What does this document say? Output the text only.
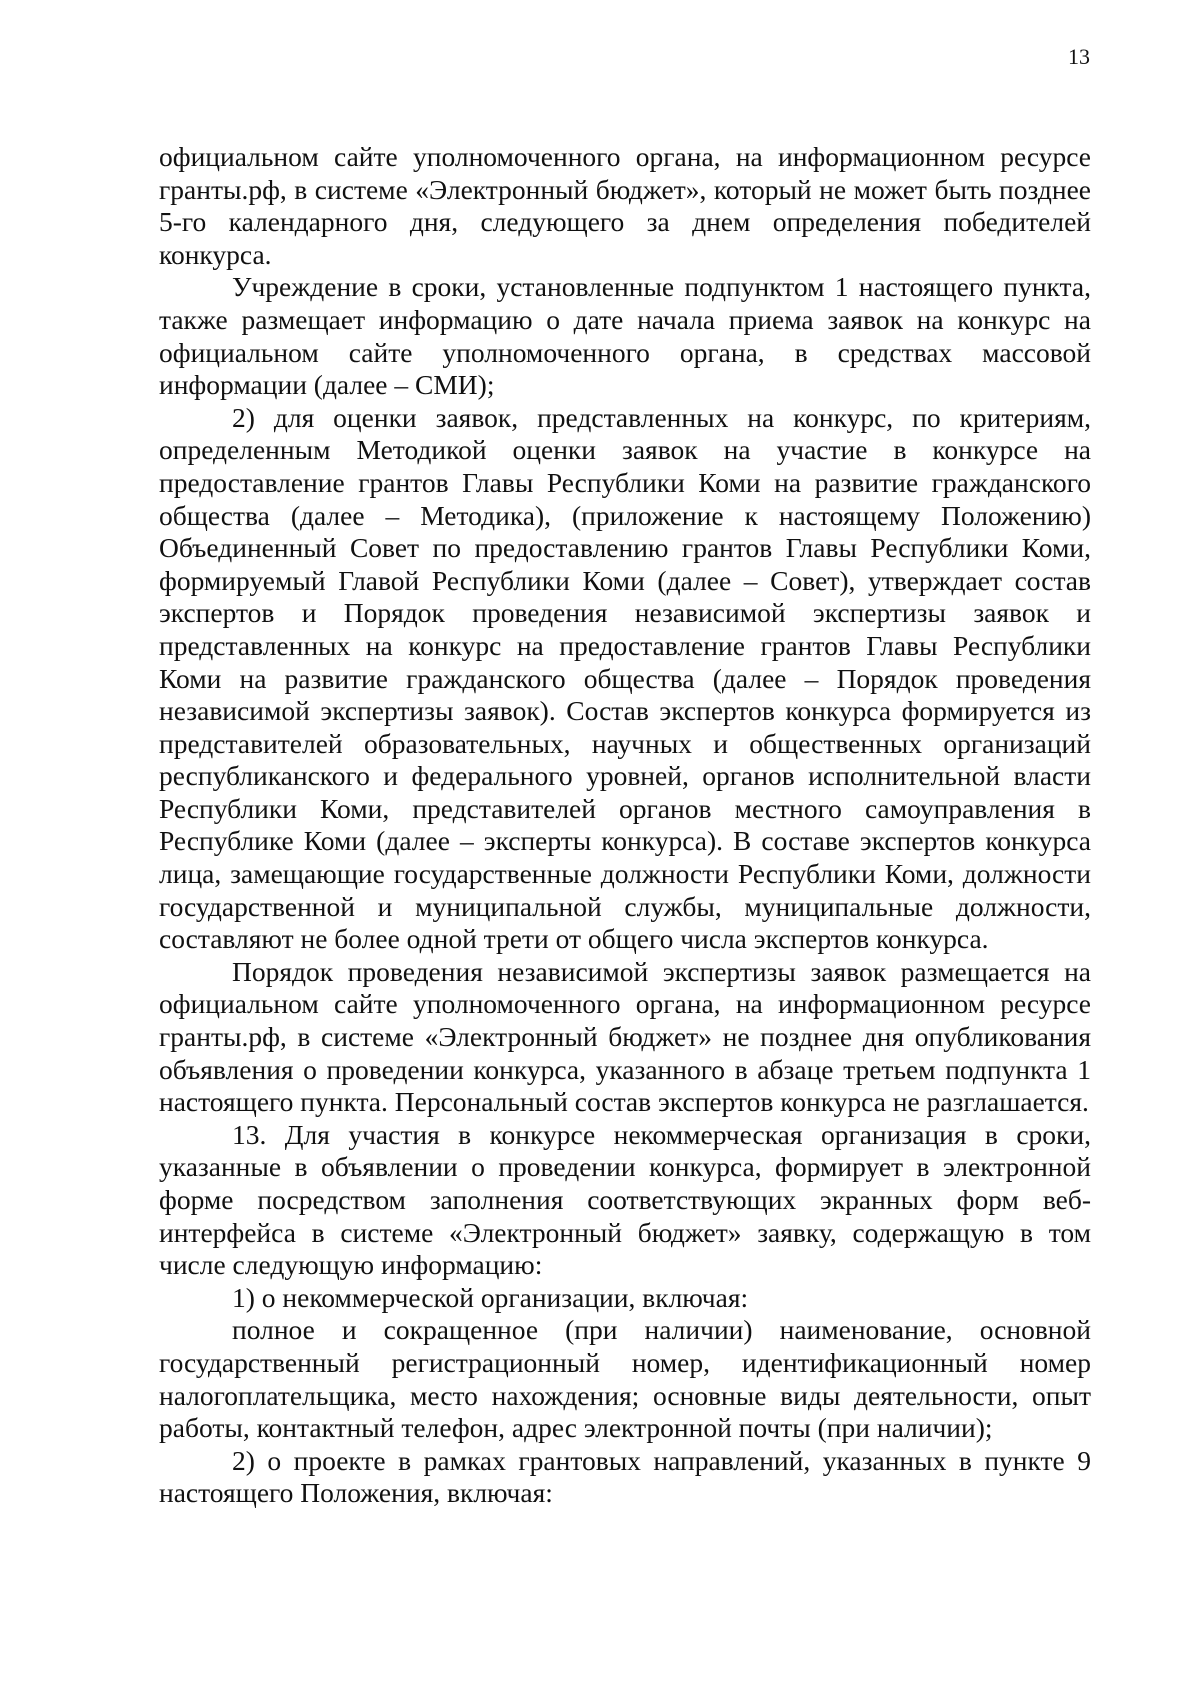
13

официальном сайте уполномоченного органа, на информационном ресурсе гранты.рф, в системе «Электронный бюджет», который не может быть позднее 5-го календарного дня, следующего за днем определения победителей конкурса.

Учреждение в сроки, установленные подпунктом 1 настоящего пункта, также размещает информацию о дате начала приема заявок на конкурс на официальном сайте уполномоченного органа, в средствах массовой информации (далее – СМИ);

2) для оценки заявок, представленных на конкурс, по критериям, определенным Методикой оценки заявок на участие в конкурсе на предоставление грантов Главы Республики Коми на развитие гражданского общества (далее – Методика), (приложение к настоящему Положению) Объединенный Совет по предоставлению грантов Главы Республики Коми, формируемый Главой Республики Коми (далее – Совет), утверждает состав экспертов и Порядок проведения независимой экспертизы заявок и представленных на конкурс на предоставление грантов Главы Республики Коми на развитие гражданского общества (далее – Порядок проведения независимой экспертизы заявок). Состав экспертов конкурса формируется из представителей образовательных, научных и общественных организаций республиканского и федерального уровней, органов исполнительной власти Республики Коми, представителей органов местного самоуправления в Республике Коми (далее – эксперты конкурса). В составе экспертов конкурса лица, замещающие государственные должности Республики Коми, должности государственной и муниципальной службы, муниципальные должности, составляют не более одной трети от общего числа экспертов конкурса.

Порядок проведения независимой экспертизы заявок размещается на официальном сайте уполномоченного органа, на информационном ресурсе гранты.рф, в системе «Электронный бюджет» не позднее дня опубликования объявления о проведении конкурса, указанного в абзаце третьем подпункта 1 настоящего пункта. Персональный состав экспертов конкурса не разглашается.

13. Для участия в конкурсе некоммерческая организация в сроки, указанные в объявлении о проведении конкурса, формирует в электронной форме посредством заполнения соответствующих экранных форм веб-интерфейса в системе «Электронный бюджет» заявку, содержащую в том числе следующую информацию:

1) о некоммерческой организации, включая:

полное и сокращенное (при наличии) наименование, основной государственный регистрационный номер, идентификационный номер налогоплательщика, место нахождения; основные виды деятельности, опыт работы, контактный телефон, адрес электронной почты (при наличии);

2) о проекте в рамках грантовых направлений, указанных в пункте 9 настоящего Положения, включая:
